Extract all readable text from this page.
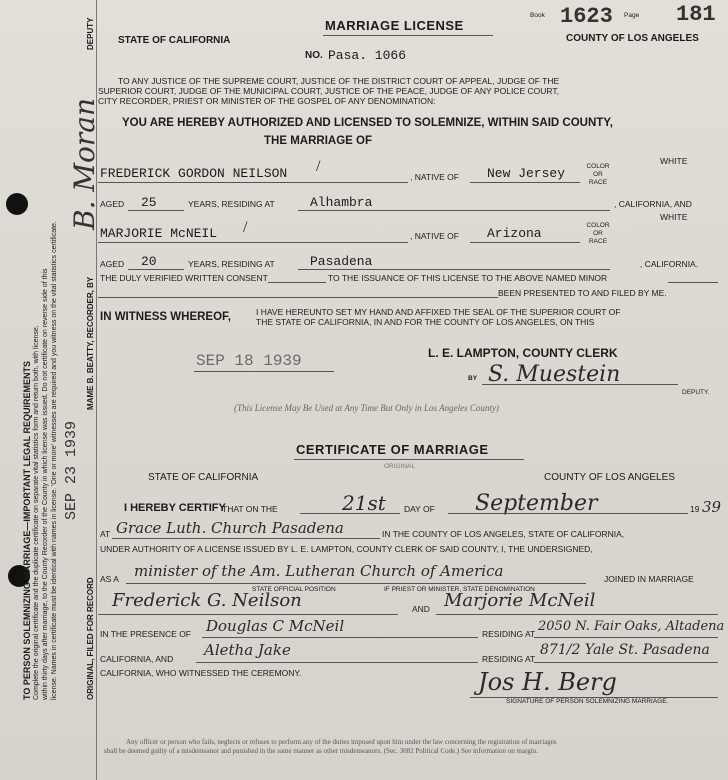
TO PERSON SOLEMNIZING MARRIAGE—IMPORTANT LEGAL REQUIREMENTS Complete the original certificate and the duplicate certificate on separate vital statistics form and return both, with license, within thirty days after marriage, to the County Recorder of the County in which license was issued. Do not certificate on reverse side of this license. Names in certificate must be identical with names in license. 'One or more' witnesses are required and you witness on the vital statistics certificate. SEP 23 1939
B. Moran
MAME B. BEATTY, RECORDER, BY
DEPUTY
ORIGINAL, FILED FOR RECORD
STATE OF CALIFORNIA
MARRIAGE LICENSE
NO. Pasa. 1066
Book 1623 Page 181
COUNTY OF LOS ANGELES
TO ANY JUSTICE OF THE SUPREME COURT, JUSTICE OF THE DISTRICT COURT OF APPEAL, JUDGE OF THE
SUPERIOR COURT, JUDGE OF THE MUNICIPAL COURT, JUSTICE OF THE PEACE, JUDGE OF ANY POLICE COURT,
CITY RECORDER, PRIEST OR MINISTER OF THE GOSPEL OF ANY DENOMINATION:
YOU ARE HEREBY AUTHORIZED AND LICENSED TO SOLEMNIZE, WITHIN SAID COUNTY,
THE MARRIAGE OF
FREDERICK GORDON NEILSON /
, NATIVE OF New Jersey	COLOR
OR
RACE
WHITE
AGED 25	YEARS, RESIDING AT	Alhambra	, CALIFORNIA, AND
WHITE
MARJORIE McNEIL /	, NATIVE OF Arizona
COLOR
OR
RACE
AGED 20	YEARS, RESIDING AT	Pasadena	, CALIFORNIA.
THE DULY VERIFIED WRITTEN CONSENT	TO THE ISSUANCE OF THIS LICENSE TO THE ABOVE NAMED MINOR
BEEN PRESENTED TO AND FILED BY ME.
IN WITNESS WHEREOF,	I HAVE HEREUNTO SET MY HAND AND AFFIXED THE SEAL OF THE SUPERIOR COURT OF
THE STATE OF CALIFORNIA, IN AND FOR THE COUNTY OF LOS ANGELES, ON THIS
SEP 18 1939	L. E. LAMPTON, COUNTY CLERK
BY S. Muestein
DEPUTY.
(This License May Be Used at Any Time But Only in Los Angeles County)
CERTIFICATE OF MARRIAGE
ORIGINAL
STATE OF CALIFORNIA	COUNTY OF LOS ANGELES
I HEREBY CERTIFY
THAT ON THE	21st DAY OF September	19 39
AT Grace Luth. Church Pasadena	IN THE COUNTY OF LOS ANGELES, STATE OF CALIFORNIA,
UNDER AUTHORITY OF A LICENSE ISSUED BY L. E. LAMPTON, COUNTY CLERK OF SAID COUNTY, I, THE UNDERSIGNED,
AS A minister of the Am. Lutheran Church of America
STATE OFFICIAL POSITION	IF PRIEST OR MINISTER, STATE DENOMINATION
JOINED IN MARRIAGE
Frederick G. Neilson	AND Marjorie McNeil
IN THE PRESENCE OF Douglas C McNeil	RESIDING AT 2050 N. Fair Oaks, Altadena
CALIFORNIA, AND Aletha Jake	RESIDING AT
871/2 Yale St. Pasadena
CALIFORNIA, WHO WITNESSED THE CEREMONY.	Jos H. Berg
SIGNATURE OF PERSON SOLEMNIZING MARRIAGE.
Any officer or person who fails, neglects or refuses to perform any of the duties imposed upon him under the law concerning the registration of marriages
shall be deemed guilty of a misdemeanor and punished in the same manner as other misdemeanors. (Sec. 3082 Political Code.) See information on margin.
